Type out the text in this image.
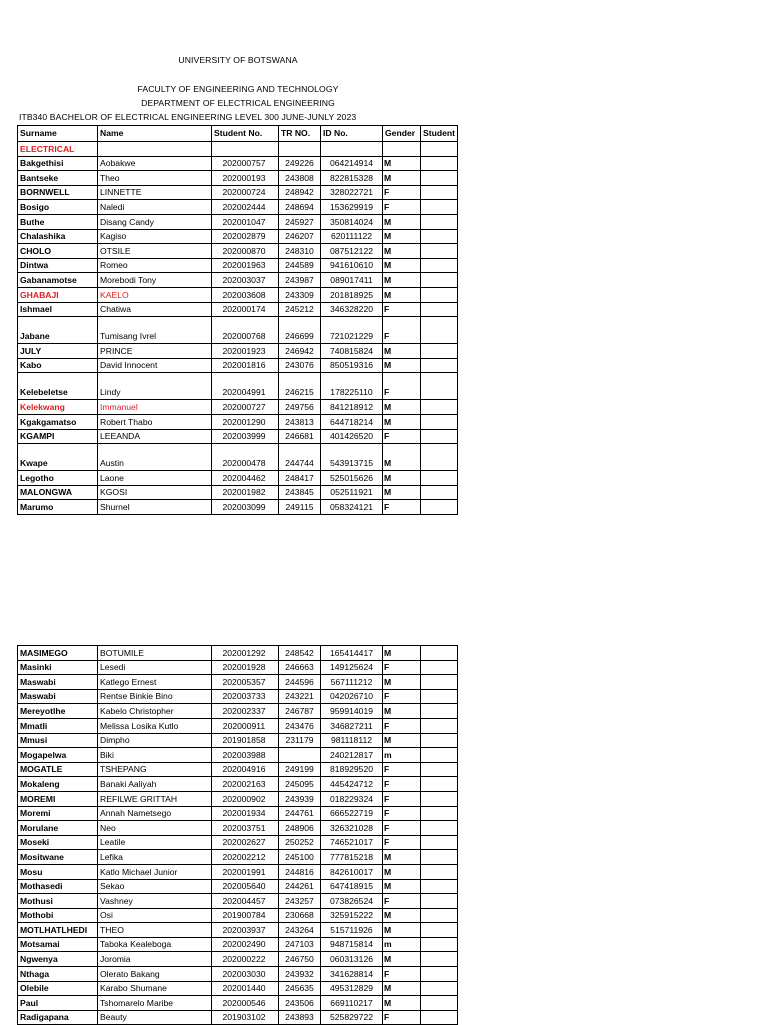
UNIVERSITY OF BOTSWANA
FACULTY OF ENGINEERING AND TECHNOLOGY
DEPARTMENT OF ELECTRICAL ENGINEERING
ITB340 BACHELOR OF ELECTRICAL ENGINEERING LEVEL 300 JUNE-JUNLY 2023
Surname	Name	Student No.	TR NO.	ID No.	Gender	Student
ELECTRICAL						
Bakgethisi	Aobakwe	202000757	249226	064214914	M	
Bantseke	Theo	202000193	243808	822815328	M	
BORNWELL	LINNETTE	202000724	248942	328022721	F	
Bosigo	Naledi	202002444	248694	153629919	F	
Buthe	Disang Candy	202001047	245927	350814024	M	
Chalashika	Kagiso	202002879	246207	620111122	M	
CHOLO	OTSILE	202000870	248310	087512122	M	
Dintwa	Romeo	202001963	244589	941610610	M	
Gabanamotse	Morebodi Tony	202003037	243987	089017411	M	
GHABAJI	KAELO	202003608	243309	201818925	M	
Ishmael	Chatiwa	202000174	245212	346328220	F	
Jabane	Tumisang Ivrel	202000768	246699	721021229	F	
JULY	PRINCE	202001923	246942	740815824	M	
Kabo	David Innocent	202001816	243076	850519316	M	
Kelebeletse	Lindy	202004991	246215	178225110	F	
Kelekwang	Immanuel	202000727	249756	841218912	M	
Kgakgamatso	Robert Thabo	202001290	243813	644718214	M	
KGAMPI	LEEANDA	202003999	246681	401426520	F	
Kwape	Austin	202000478	244744	543913715	M	
Legotho	Laone	202004462	248417	525015626	M	
MALONGWA	KGOSI	202001982	243845	052511921	M	
Marumo	Shurnel	202003099	249115	058324121	F	
MASIMEGO	BOTUMILE	202001292	248542	165414417	M	
Masinki	Lesedi	202001928	246663	149125624	F	
Maswabi	Katlego Ernest	202005357	244596	567111212	M	
Maswabi	Rentse Binkie Bino	202003733	243221	042026710	F	
Mereyotlhe	Kabelo Christopher	202002337	246787	959914019	M	
Mmatli	Melissa Losika Kutlo	202000911	243476	346827211	F	
Mmusi	Dimpho	201901858	231179	981118112	M	
Mogapelwa	Biki	202003988		240212817	m	
MOGATLE	TSHEPANG	202004916	249199	818929520	F	
Mokaleng	Banaki Aaliyah	202002163	245095	445424712	F	
MOREMI	REFILWE GRITTAH	202000902	243939	018229324	F	
Moremi	Annah Nametsego	202001934	244761	666522719	F	
Morulane	Neo	202003751	248906	326321028	F	
Moseki	Leatile	202002627	250252	746521017	F	
Mositwane	Lefika	202002212	245100	777815218	M	
Mosu	Katlo Michael Junior	202001991	244816	842610017	M	
Mothasedi	Sekao	202005640	244261	647418915	M	
Mothusi	Vashney	202004457	243257	073826524	F	
Mothobi	Osi	201900784	230668	325915222	M	
MOTLHATLHEDI	THEO	202003937	243264	515711926	M	
Motsamai	Taboka Kealeboga	202002490	247103	948715814	m	
Ngwenya	Joromia	202000222	246750	060313126	M	
Nthaga	Olerato Bakang	202003030	243932	341628814	F	
Olebile	Karabo Shumane	202001440	245635	495312829	M	
Paul	Tshomarelo Maribe	202000546	243506	669110217	M	
Radigapana	Beauty	201903102	243893	525829722	F	
